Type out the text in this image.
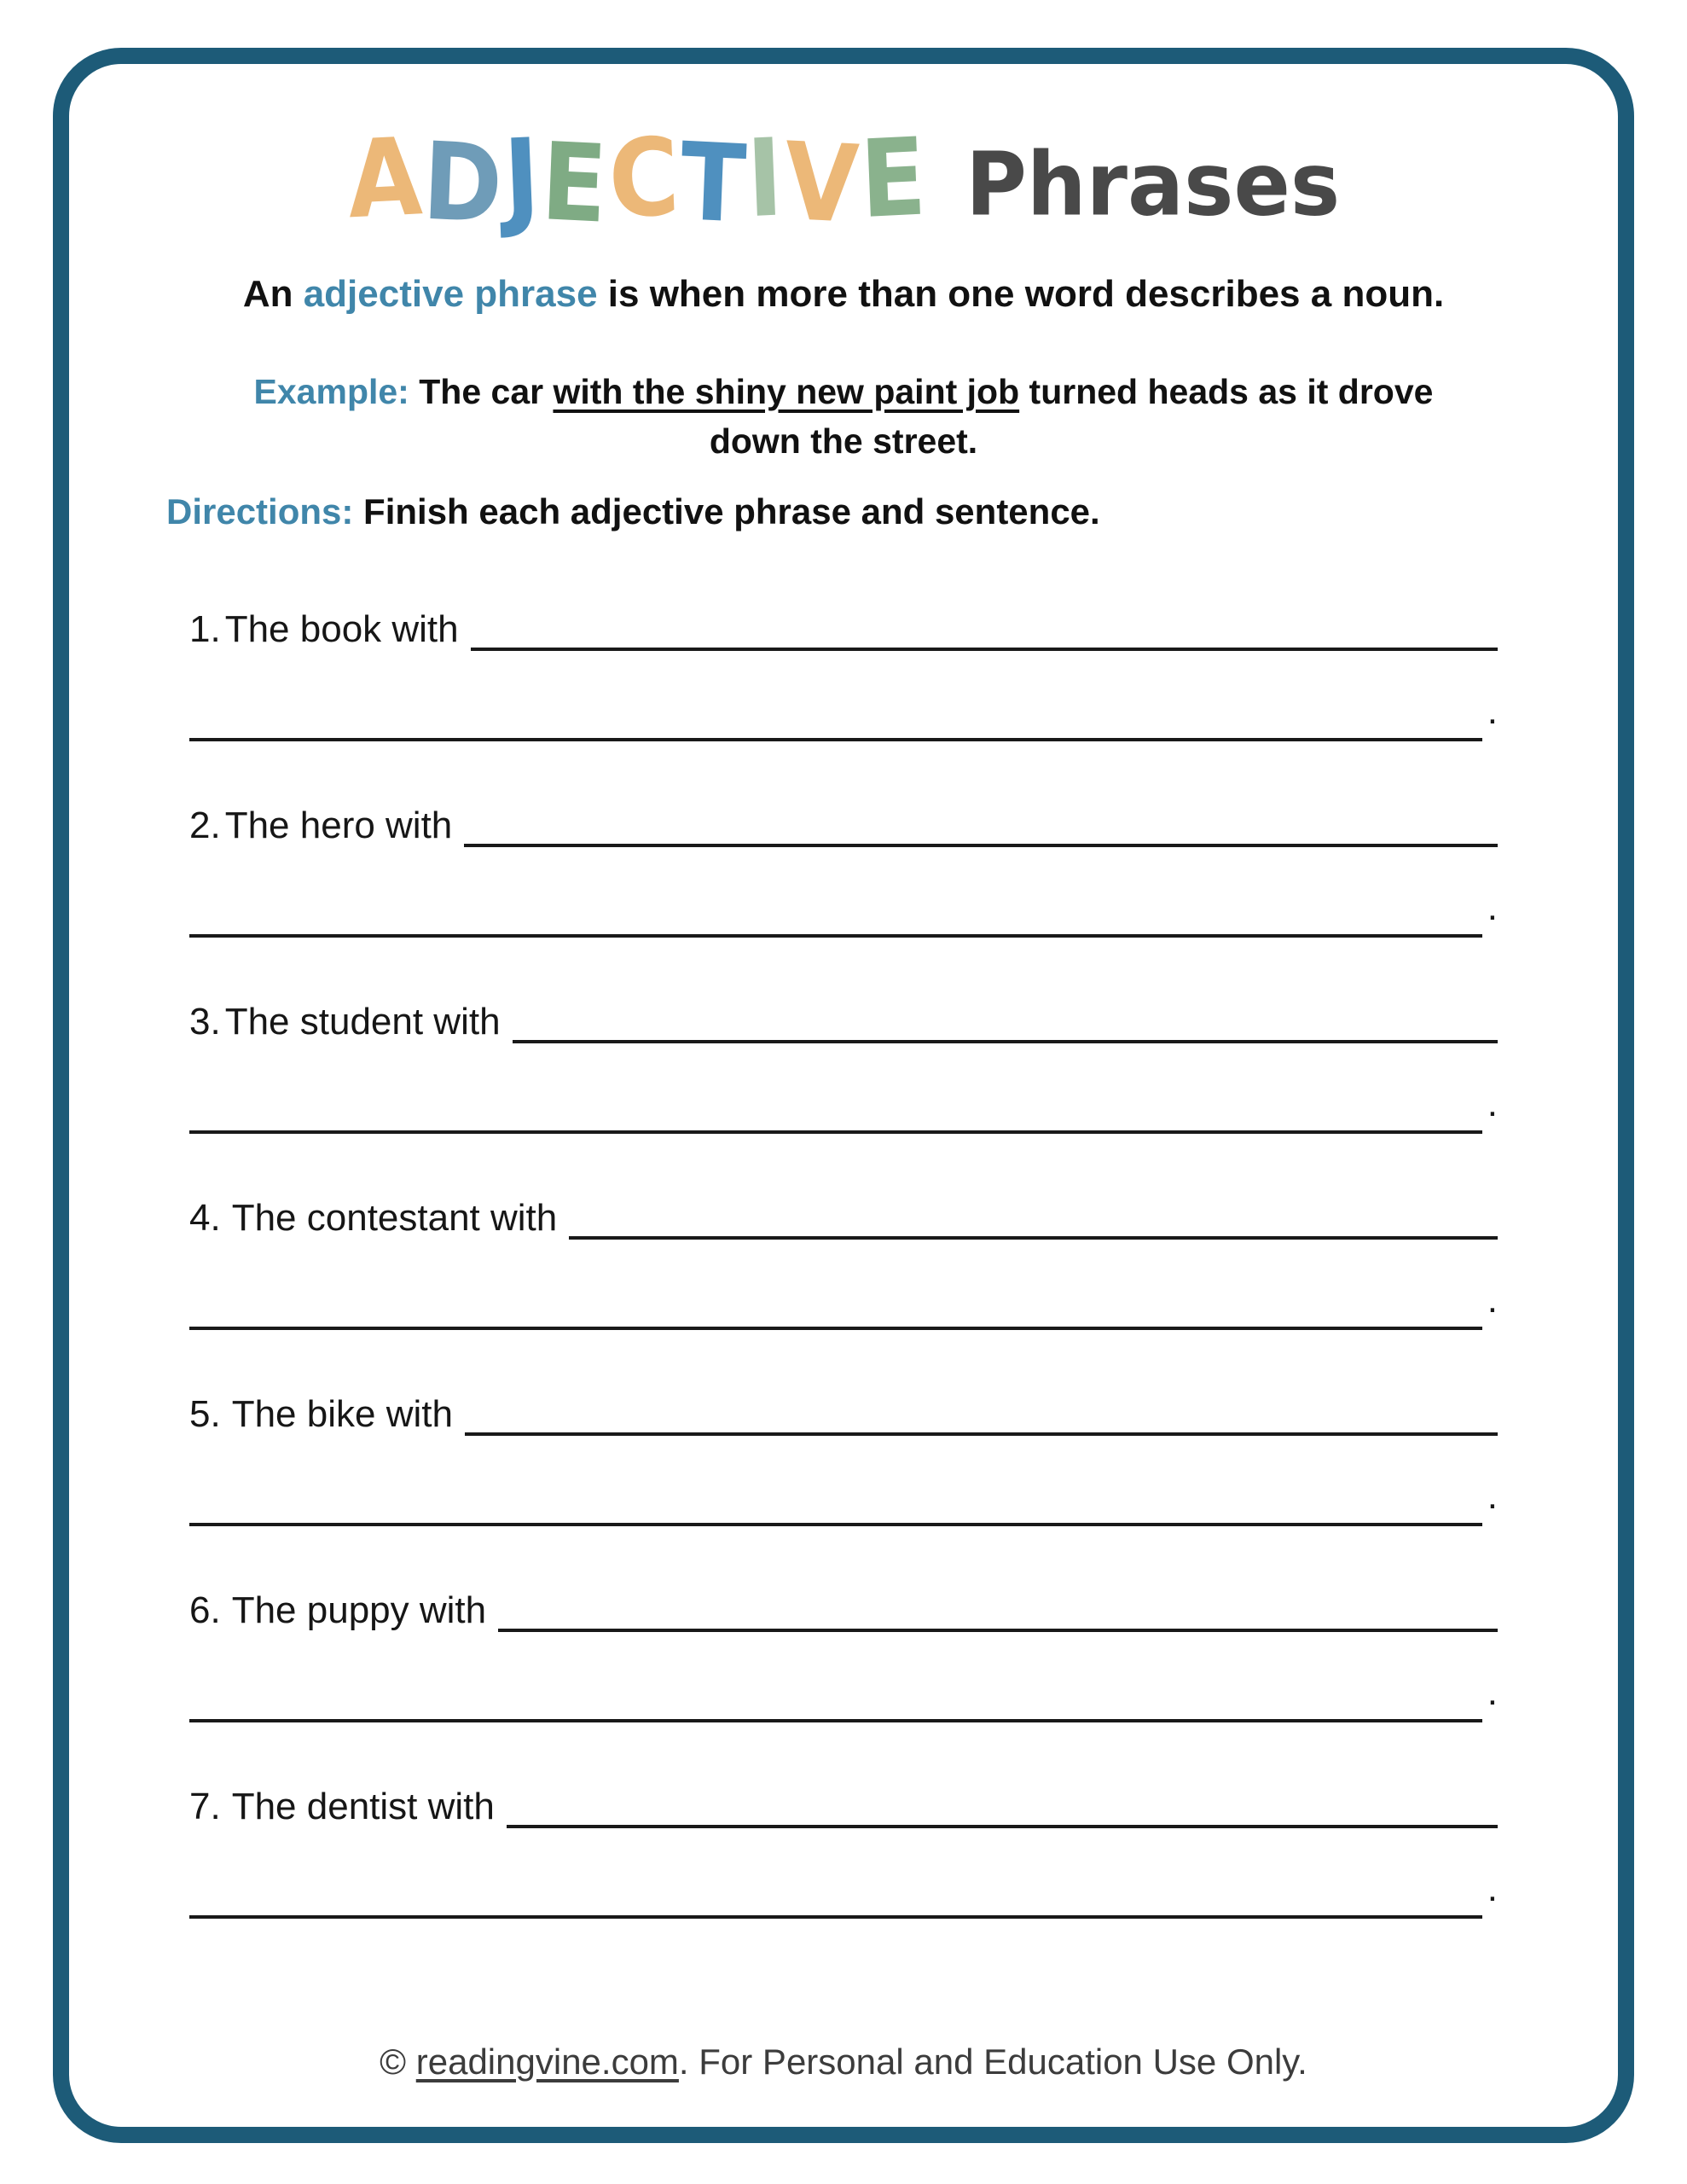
ADJECTIVE Phrases

An adjective phrase is when more than one word describes a noun.

Example: The car with the shiny new paint job turned heads as it drove
down the street.

Directions: Finish each adjective phrase and sentence.

1. The book with
.
2. The hero with
.
3. The student with
.
4. The contestant with
.
5. The bike with
.
6. The puppy with
.
7. The dentist with
.
© readingvine.com. For Personal and Education Use Only.
